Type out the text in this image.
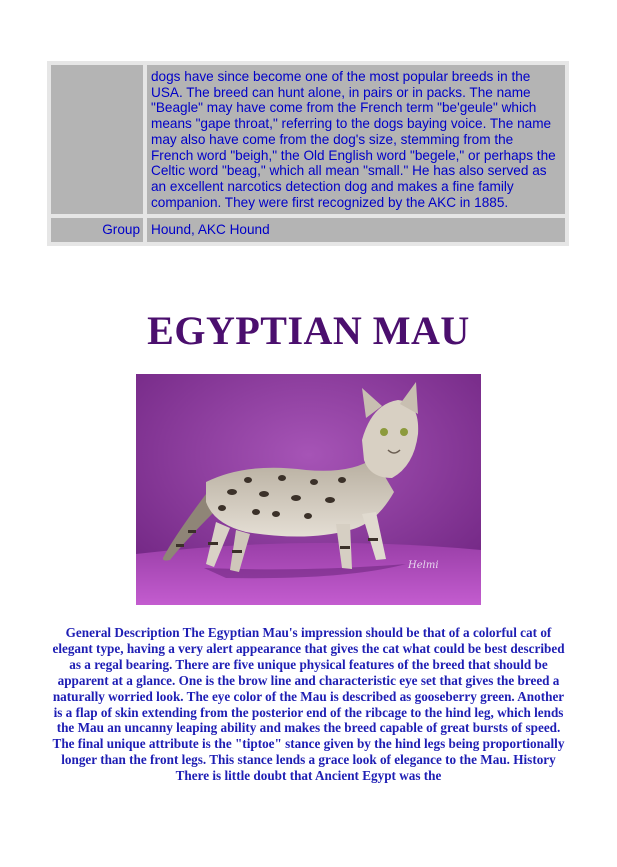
	dogs have since become one of the most popular breeds in the USA. The breed can hunt alone, in pairs or in packs. The name "Beagle" may have come from the French term "be'geule" which means "gape throat," referring to the dogs baying voice. The name may also have come from the dog's size, stemming from the French word "beigh," the Old English word "begele," or perhaps the Celtic word "beag," which all mean "small." He has also served as an excellent narcotics detection dog and makes a fine family companion. They were first recognized by the AKC in 1885.
Group	Hound, AKC Hound
EGYPTIAN MAU
Helmi

General Description The Egyptian Mau's impression should be that of a colorful cat of elegant type, having a very alert appearance that gives the cat what could be best described as a regal bearing. There are five unique physical features of the breed that should be apparent at a glance. One is the brow line and characteristic eye set that gives the breed a naturally worried look. The eye color of the Mau is described as gooseberry green. Another is a flap of skin extending from the posterior end of the ribcage to the hind leg, which lends the Mau an uncanny leaping ability and makes the breed capable of great bursts of speed. The final unique attribute is the "tiptoe" stance given by the hind legs being proportionally longer than the front legs. This stance lends a grace look of elegance to the Mau. History There is little doubt that Ancient Egypt was the
